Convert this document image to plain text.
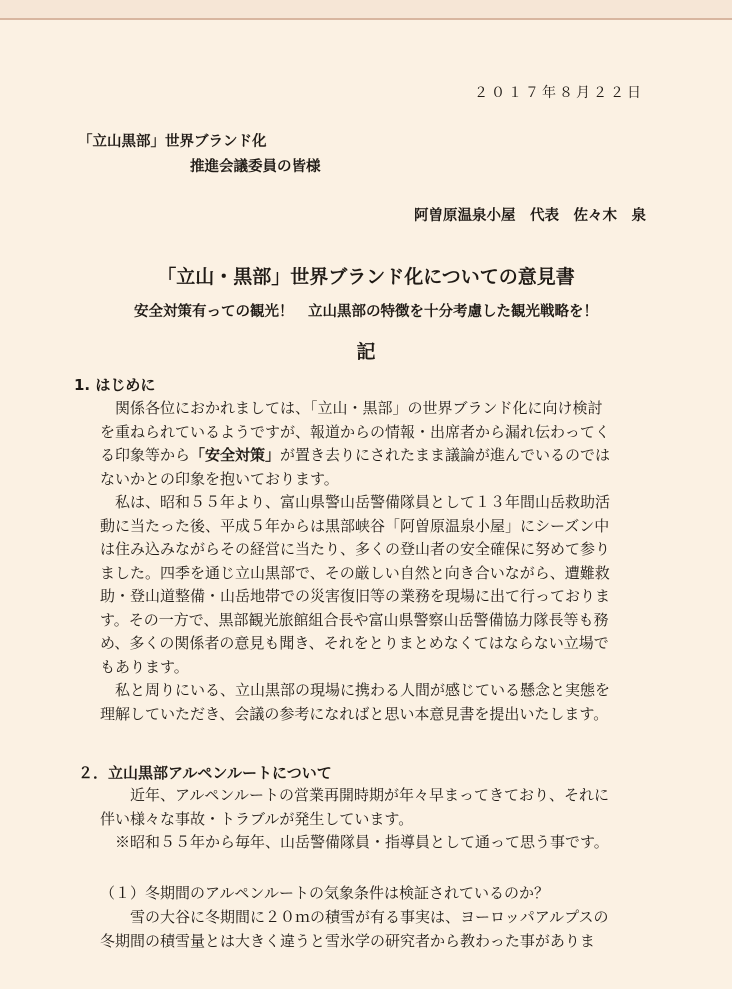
２０１７年８月２２日
「立山黒部」世界ブランド化
推進会議委員の皆様
阿曽原温泉小屋　代表　佐々木　泉
「立山・黒部」世界ブランド化についての意見書
安全対策有っての観光！　立山黒部の特徴を十分考慮した観光戦略を！
記
1. はじめに

　関係各位におかれましては、「立山・黒部」の世界ブランド化に向け検討

を重ねられているようですが、報道からの情報・出席者から漏れ伝わってく

る印象等から「安全対策」が置き去りにされたまま議論が進んでいるのでは

ないかとの印象を抱いております。

　私は、昭和５５年より、富山県警山岳警備隊員として１３年間山岳救助活

動に当たった後、平成５年からは黒部峡谷「阿曽原温泉小屋」にシーズン中

は住み込みながらその経営に当たり、多くの登山者の安全確保に努めて参り

ました。四季を通じ立山黒部で、その厳しい自然と向き合いながら、遭難救

助・登山道整備・山岳地帯での災害復旧等の業務を現場に出て行っておりま

す。その一方で、黒部観光旅館組合長や富山県警察山岳警備協力隊長等も務

め、多くの関係者の意見も聞き、それをとりまとめなくてはならない立場で

もあります。

　私と周りにいる、立山黒部の現場に携わる人間が感じている懸念と実態を

理解していただき、会議の参考になればと思い本意見書を提出いたします。

２．立山黒部アルペンルートについて

　　近年、アルペンルートの営業再開時期が年々早まってきており、それに

伴い様々な事故・トラブルが発生しています。

　※昭和５５年から毎年、山岳警備隊員・指導員として通って思う事です。

（１）冬期間のアルペンルートの気象条件は検証されているのか？

　　雪の大谷に冬期間に２０ｍの積雪が有る事実は、ヨーロッパアルプスの

冬期間の積雪量とは大きく違うと雪氷学の研究者から教わった事がありま
